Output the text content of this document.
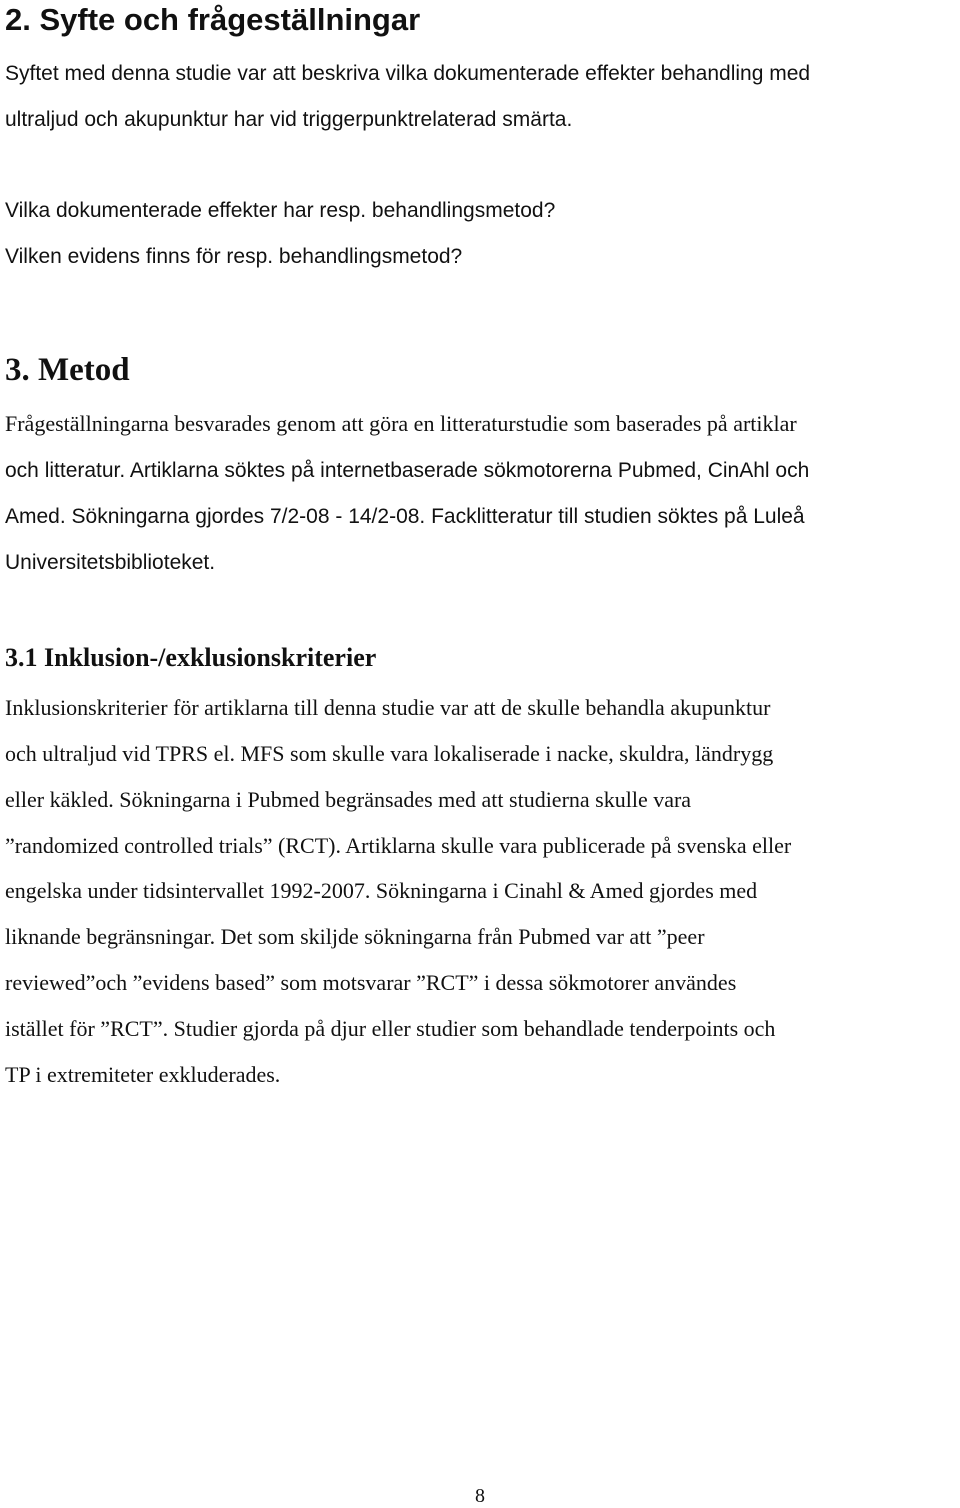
2. Syfte och frågeställningar

Syftet med denna studie var att beskriva vilka dokumenterade effekter behandling med

ultraljud och akupunktur har vid triggerpunktrelaterad smärta.

Vilka dokumenterade effekter har resp. behandlingsmetod?

Vilken evidens finns för resp. behandlingsmetod?

3. Metod

Frågeställningarna besvarades genom att göra en litteraturstudie som baserades på artiklar

och litteratur. Artiklarna söktes på internetbaserade sökmotorerna Pubmed, CinAhl och

Amed. Sökningarna gjordes 7/2-08 - 14/2-08. Facklitteratur till studien söktes på Luleå

Universitetsbiblioteket.

3.1 Inklusion-/exklusionskriterier

Inklusionskriterier för artiklarna till denna studie var att de skulle behandla akupunktur

och ultraljud vid TPRS el. MFS som skulle vara lokaliserade i nacke, skuldra, ländrygg

eller käkled. Sökningarna i Pubmed begränsades med att studierna skulle vara

”randomized controlled trials” (RCT). Artiklarna skulle vara publicerade på svenska eller

engelska under tidsintervallet 1992-2007. Sökningarna i Cinahl & Amed gjordes med

liknande begränsningar. Det som skiljde sökningarna från Pubmed var att ”peer

reviewed”och ”evidens based” som motsvarar ”RCT” i dessa sökmotorer användes

istället för ”RCT”. Studier gjorda på djur eller studier som behandlade tenderpoints och

TP i extremiteter exkluderades.

8
